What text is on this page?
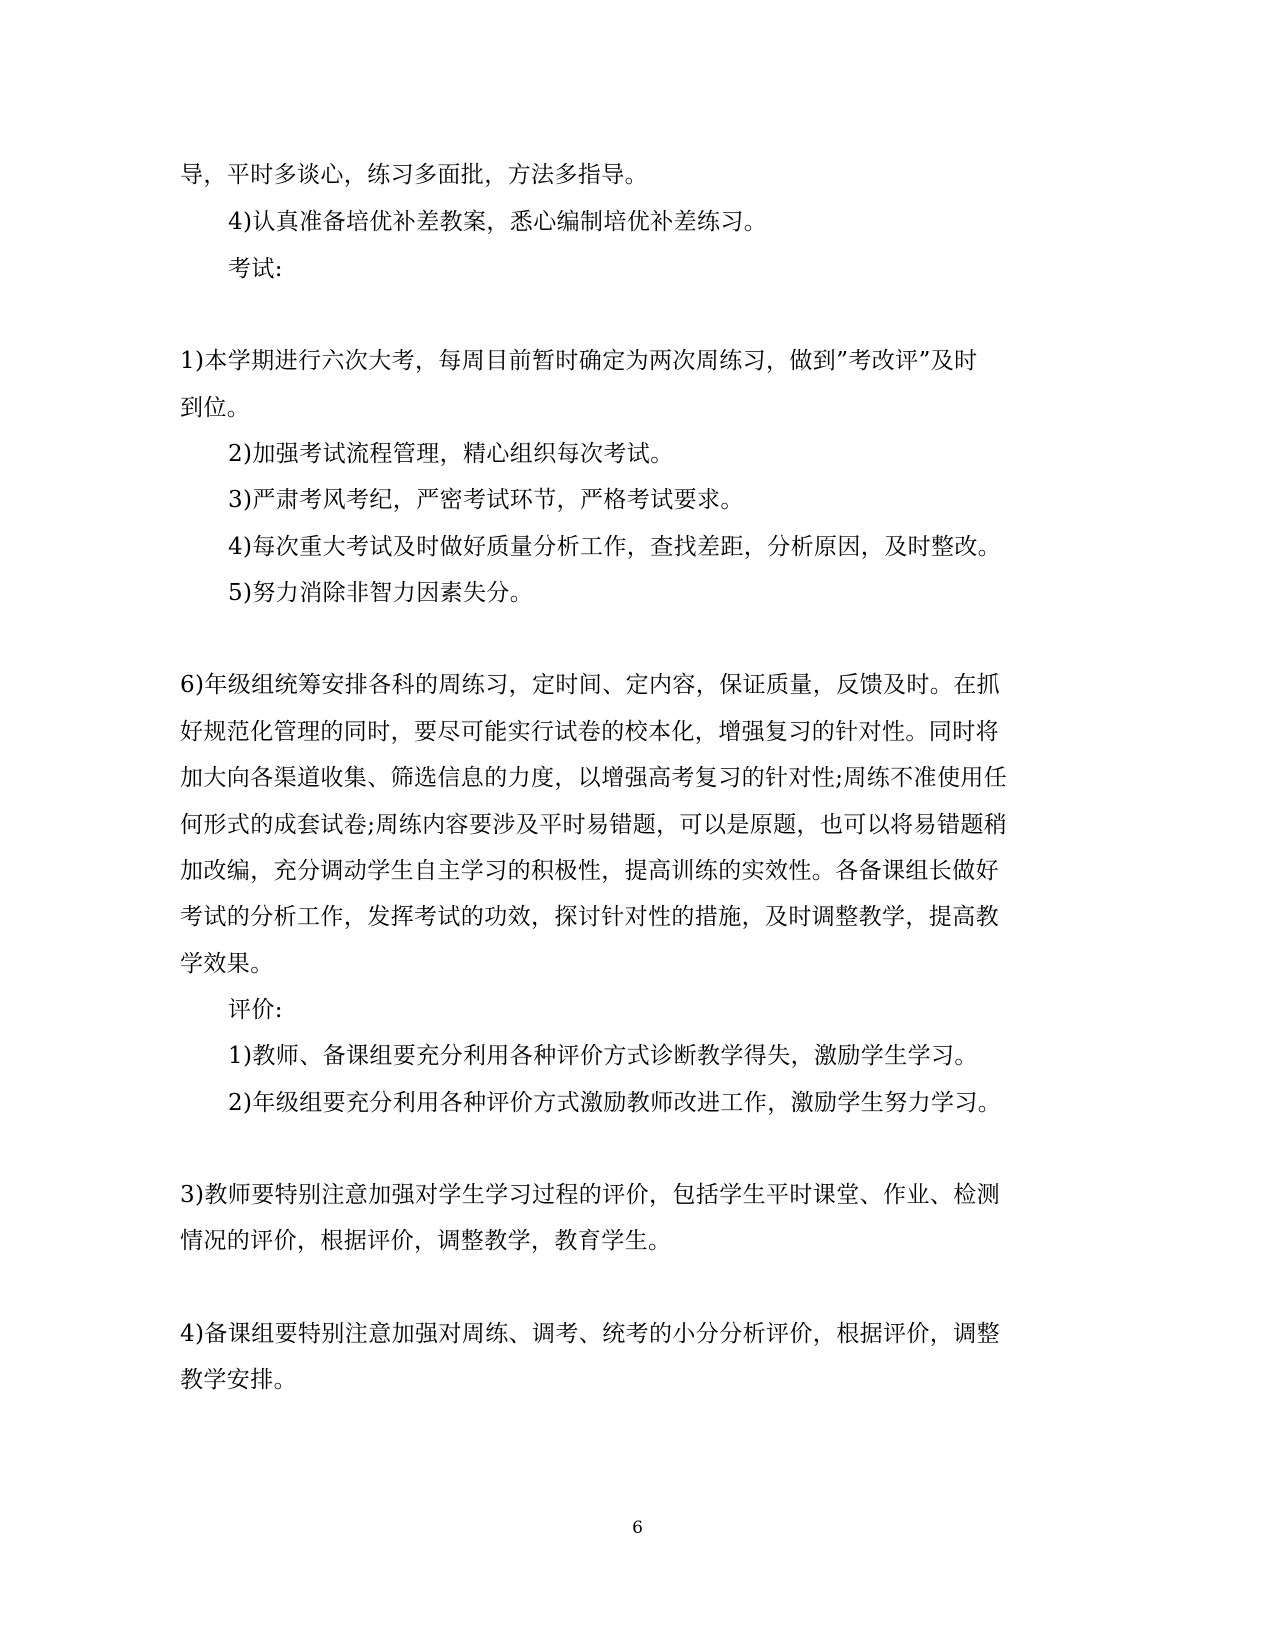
导，平时多谈心，练习多面批，方法多指导。
4)认真准备培优补差教案，悉心编制培优补差练习。
考试:
1)本学期进行六次大考，每周目前暂时确定为两次周练习，做到”考改评”及时
到位。
2)加强考试流程管理，精心组织每次考试。
3)严肃考风考纪，严密考试环节，严格考试要求。
4)每次重大考试及时做好质量分析工作，查找差距，分析原因，及时整改。
5)努力消除非智力因素失分。
6)年级组统筹安排各科的周练习，定时间、定内容，保证质量，反馈及时。在抓
好规范化管理的同时，要尽可能实行试卷的校本化，增强复习的针对性。同时将
加大向各渠道收集、筛选信息的力度，以增强高考复习的针对性;周练不准使用任
何形式的成套试卷;周练内容要涉及平时易错题，可以是原题，也可以将易错题稍
加改编，充分调动学生自主学习的积极性，提高训练的实效性。各备课组长做好
考试的分析工作，发挥考试的功效，探讨针对性的措施，及时调整教学，提高教
学效果。
评价:
1)教师、备课组要充分利用各种评价方式诊断教学得失，激励学生学习。
2)年级组要充分利用各种评价方式激励教师改进工作，激励学生努力学习。
3)教师要特别注意加强对学生学习过程的评价，包括学生平时课堂、作业、检测
情况的评价，根据评价，调整教学，教育学生。
4)备课组要特别注意加强对周练、调考、统考的小分分析评价，根据评价，调整
教学安排。
6
